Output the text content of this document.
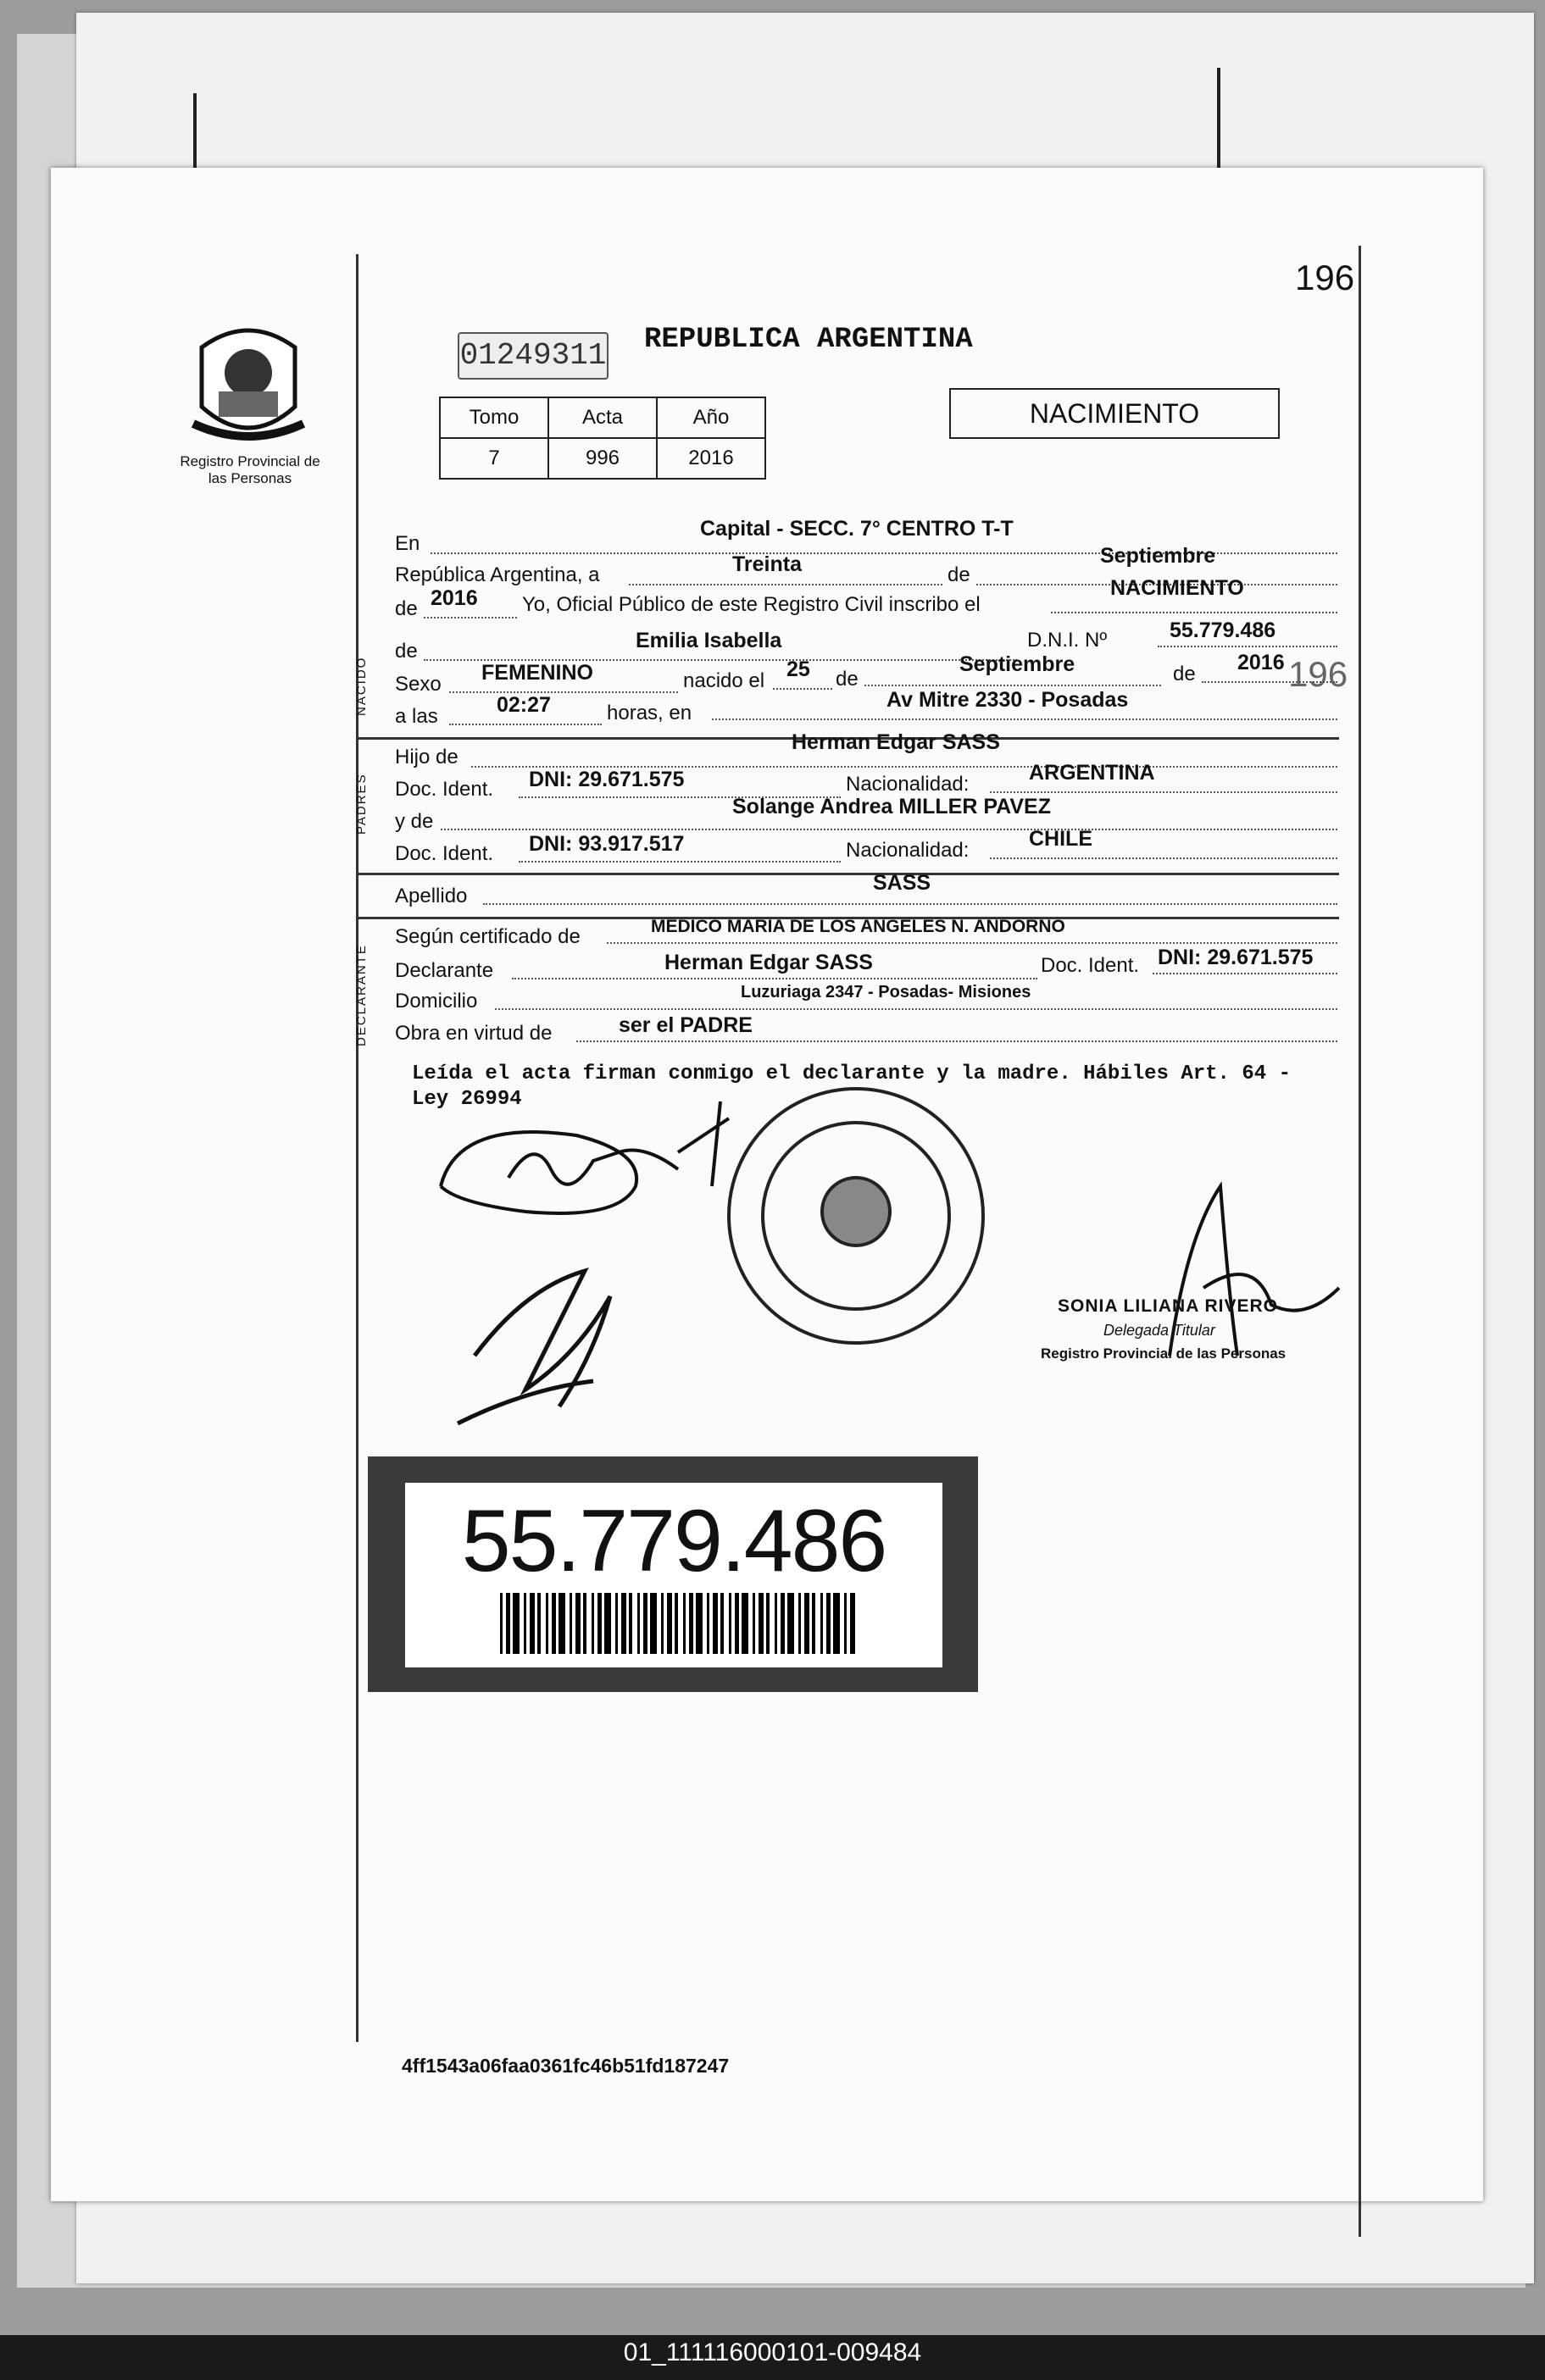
196
196
Registro Provincial de las Personas
01249311 REPUBLICA ARGENTINA
Tomo	Acta	Año
7	996	2016
NACIMIENTO
En
Capital - SECC. 7° CENTRO T-T
República Argentina, a	Treinta	de
Septiembre
de 2016 Yo, Oficial Público de este Registro Civil inscribo el
NACIMIENTO
NACIDO
de	Emilia Isabella	D.N.I. Nº	55.779.486
Sexo FEMENINO	nacido el 25 de
Septiembre	de 2016
a las	02:27	horas, en
Av Mitre 2330 - Posadas
PADRES
Hijo de
Herman Edgar SASS
Doc. Ident. DNI: 29.671.575	Nacionalidad:	ARGENTINA
y de
Solange Andrea MILLER PAVEZ
Doc. Ident. DNI: 93.917.517	Nacionalidad:	CHILE
Apellido
SASS
DECLARANTE
Según certificado de	MEDICO MARIA DE LOS ANGELES N. ANDORNO
Declarante	Herman Edgar SASS	Doc. Ident. DNI: 29.671.575
Domicilio	Luzuriaga 2347 - Posadas- Misiones
Obra en virtud de	ser el PADRE
Leída el acta firman conmigo el declarante y la madre. Hábiles Art. 64 - Ley 26994
SONIA LILIANA RIVERO
Delegada Titular
Registro Provincial de las Personas
55.779.486
4ff1543a06faa0361fc46b51fd187247
01_111116000101-009484
